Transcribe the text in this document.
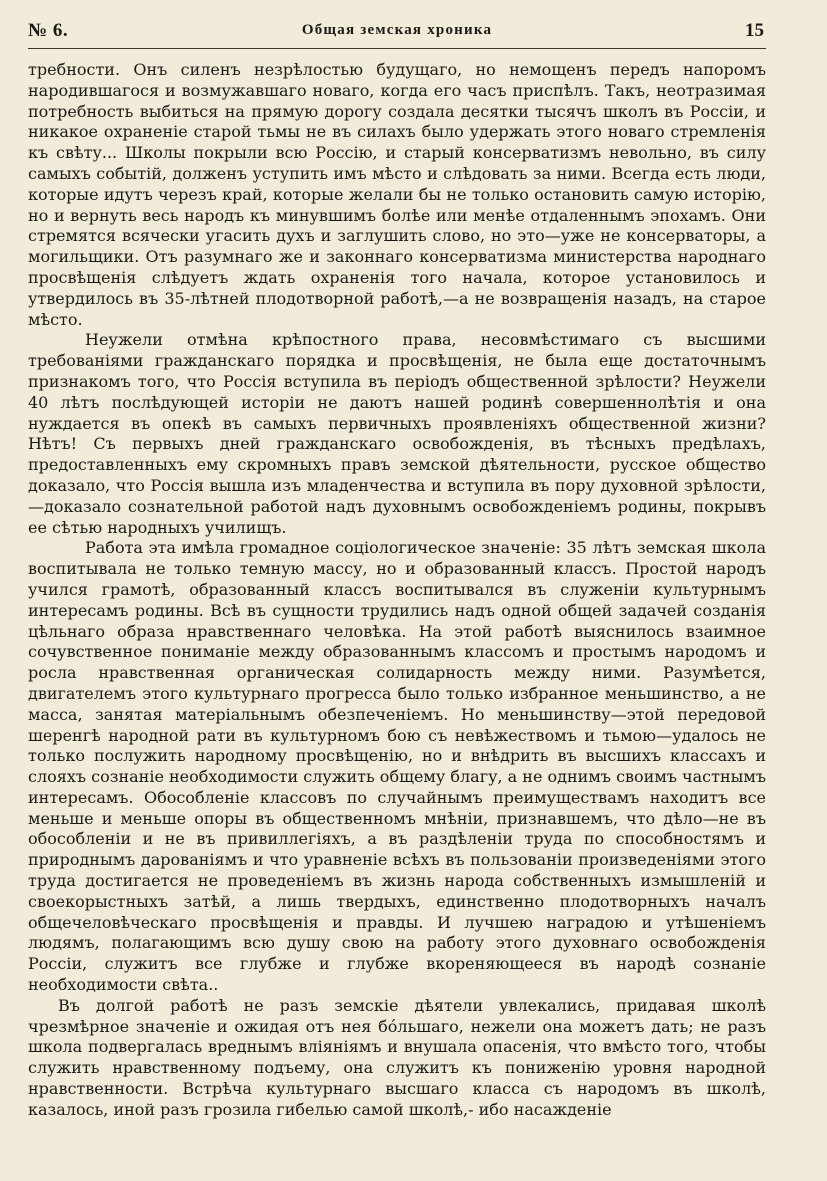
№ 6.	Общая земская хроника	15

требности. Онъ силенъ незрѣлостью будущаго, но немощенъ передъ напоромъ народившагося и возмужавшаго новаго, когда его часъ приспѣлъ. Такъ, неотразимая потребность выбиться на прямую дорогу создала десятки тысячъ школъ въ Россіи, и никакое охраненіе старой тьмы не въ силахъ было удержать этого новаго стремленія къ свѣту... Школы покрыли всю Россію, и старый консерватизмъ невольно, въ силу самыхъ событій, долженъ уступить имъ мѣсто и слѣдовать за ними. Всегда есть люди, которые идутъ черезъ край, которые желали бы не только остановить самую исторію, но и вернуть весь народъ къ минувшимъ болѣе или менѣе отдаленнымъ эпохамъ. Они стремятся всячески угасить духъ и заглушить слово, но это—уже не консерваторы, а могильщики. Отъ разумнаго же и законнаго консерватизма министерства народнаго просвѣщенія слѣдуетъ ждать охраненія того начала, которое установилось и утвердилось въ 35-лѣтней плодотворной работѣ,—а не возвращенія назадъ, на старое мѣсто.

Неужели отмѣна крѣпостного права, несовмѣстимаго съ высшими требованіями гражданскаго порядка и просвѣщенія, не была еще достаточнымъ признакомъ того, что Россія вступила въ періодъ общественной зрѣлости? Неужели 40 лѣтъ послѣдующей исторіи не даютъ нашей родинѣ совершеннолѣтія и она нуждается въ опекѣ въ самыхъ первичныхъ проявленіяхъ общественной жизни? Нѣтъ! Съ первыхъ дней гражданскаго освобожденія, въ тѣсныхъ предѣлахъ, предоставленныхъ ему скромныхъ правъ земской дѣятельности, русское общество доказало, что Россія вышла изъ младенчества и вступила въ пору духовной зрѣлости,—доказало сознательной работой надъ духовнымъ освобожденіемъ родины, покрывъ ее сѣтью народныхъ училищъ.

Работа эта имѣла громадное соціологическое значеніе: 35 лѣтъ земская школа воспитывала не только темную массу, но и образованный классъ. Простой народъ учился грамотѣ, образованный классъ воспитывался въ служеніи культурнымъ интересамъ родины. Всѣ въ сущности трудились надъ одной общей задачей созданія цѣльнаго образа нравственнаго человѣка. На этой работѣ выяснилось взаимное сочувственное пониманіе между образованнымъ классомъ и простымъ народомъ и росла нравственная органическая солидарность между ними. Разумѣется, двигателемъ этого культурнаго прогресса было только избранное меньшинство, а не масса, занятая матеріальнымъ обезпеченіемъ. Но меньшинству—этой передовой шеренгѣ народной рати въ культурномъ бою съ невѣжествомъ и тьмою—удалось не только послужить народному просвѣщенію, но и внѣдрить въ высшихъ классахъ и слояхъ сознаніе необходимости служить общему благу, а не однимъ своимъ частнымъ интересамъ. Обособленіе классовъ по случайнымъ преимуществамъ находитъ все меньше и меньше опоры въ общественномъ мнѣніи, признавшемъ, что дѣло—не въ обособленіи и не въ привиллегіяхъ, а въ раздѣленіи труда по способностямъ и природнымъ дарованіямъ и что уравненіе всѣхъ въ пользованіи произведеніями этого труда достигается не проведеніемъ въ жизнь народа собственныхъ измышленій и своекорыстныхъ затѣй, а лишь твердыхъ, единственно плодотворныхъ началъ общечеловѣческаго просвѣщенія и правды. И лучшею наградою и утѣшеніемъ людямъ, полагающимъ всю душу свою на работу этого духовнаго освобожденія Россіи, служитъ все глубже и глубже вкореняющееся въ народѣ сознаніе необходимости свѣта..

Въ долгой работѣ не разъ земскіе дѣятели увлекались, придавая школѣ чрезмѣрное значеніе и ожидая отъ нея бóльшаго, нежели она можетъ дать; не разъ школа подвергалась вреднымъ вліяніямъ и внушала опасенія, что вмѣсто того, чтобы служить нравственному подъему, она служитъ къ пониженію уровня народной нравственности. Встрѣча культурнаго высшаго класса съ народомъ въ школѣ, казалось, иной разъ грозила гибелью самой школѣ,- ибо насажденіе
